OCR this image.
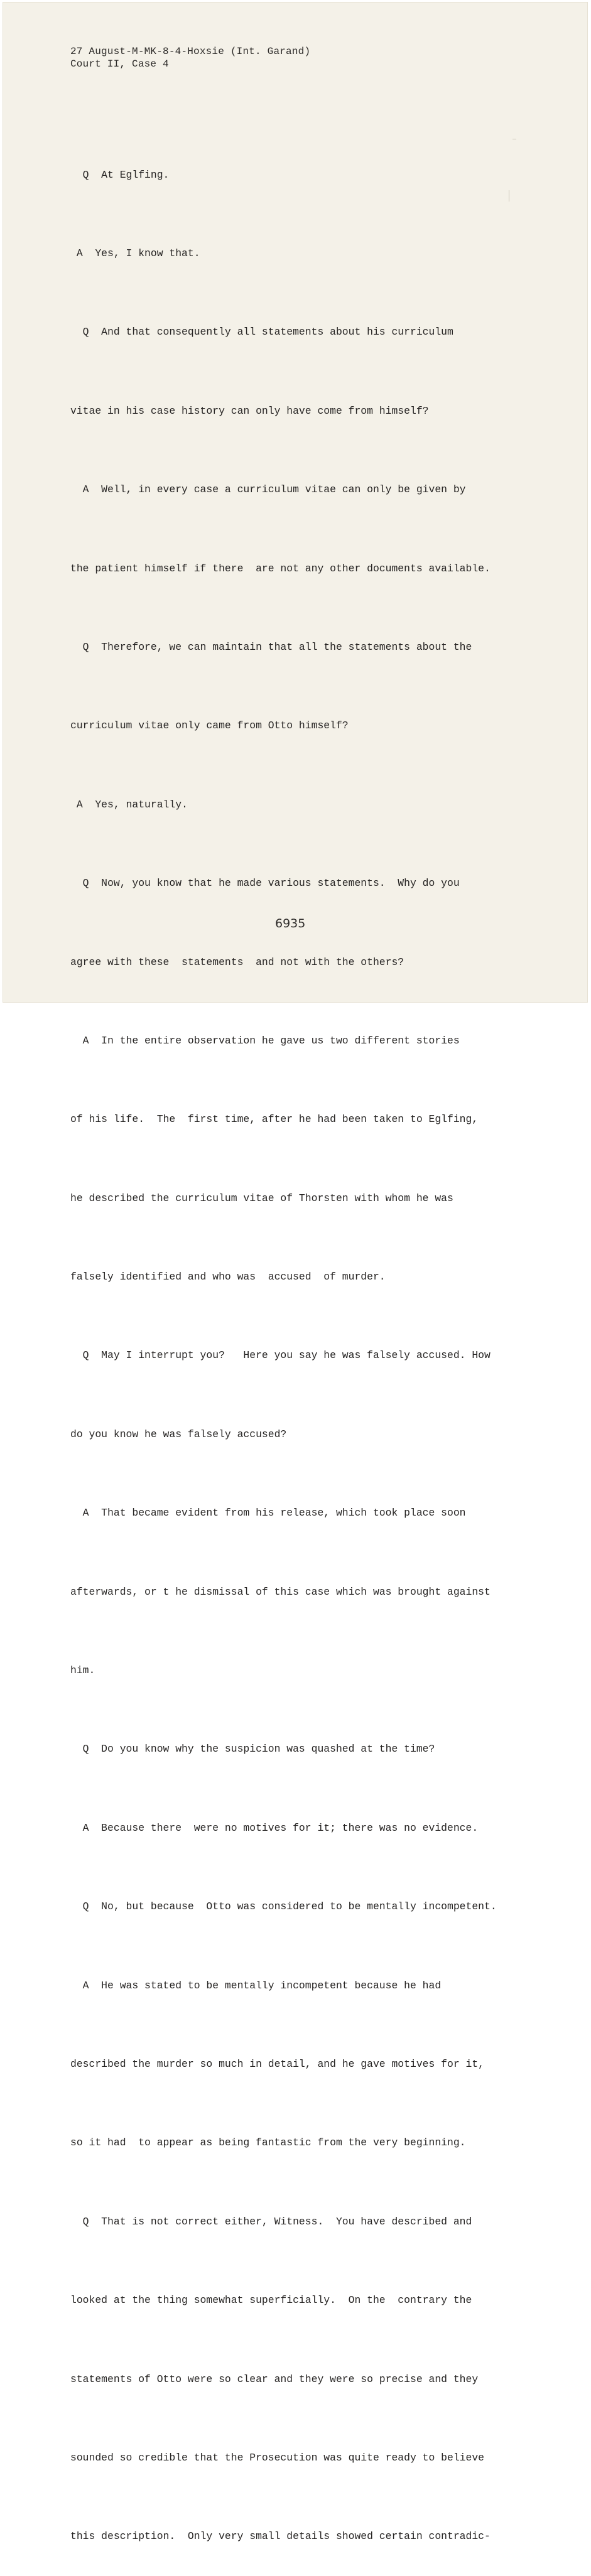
27 August-M-MK-8-4-Hoxsie (Int. Garand)
Court II, Case 4

Q  At Eglfing.

A  Yes, I know that.

Q  And that consequently all statements about his curriculum

vitae in his case history can only have come from himself?

A  Well, in every case a curriculum vitae can only be given by

the patient himself if there  are not any other documents available.

Q  Therefore, we can maintain that all the statements about the

curriculum vitae only came from Otto himself?

A  Yes, naturally.

Q  Now, you know that he made various statements.  Why do you

agree with these  statements  and not with the others?

A  In the entire observation he gave us two different stories

of his life.  The  first time, after he had been taken to Eglfing,

he described the curriculum vitae of Thorsten with whom he was

falsely identified and who was  accused  of murder.

Q  May I interrupt you?   Here you say he was falsely accused. How

do you know he was falsely accused?

A  That became evident from his release, which took place soon

afterwards, or t he dismissal of this case which was brought against

him.

Q  Do you know why the suspicion was quashed at the time?

A  Because there  were no motives for it; there was no evidence.

Q  No, but because  Otto was considered to be mentally incompetent.

A  He was stated to be mentally incompetent because he had

described the murder so much in detail, and he gave motives for it,

so it had  to appear as being fantastic from the very beginning.

Q  That is not correct either, Witness.  You have described and

looked at the thing somewhat superficially.  On the  contrary the

statements of Otto were so clear and they were so precise and they

sounded so credible that the Prosecution was quite ready to believe

this description.  Only very small details showed certain contradic-

6935
